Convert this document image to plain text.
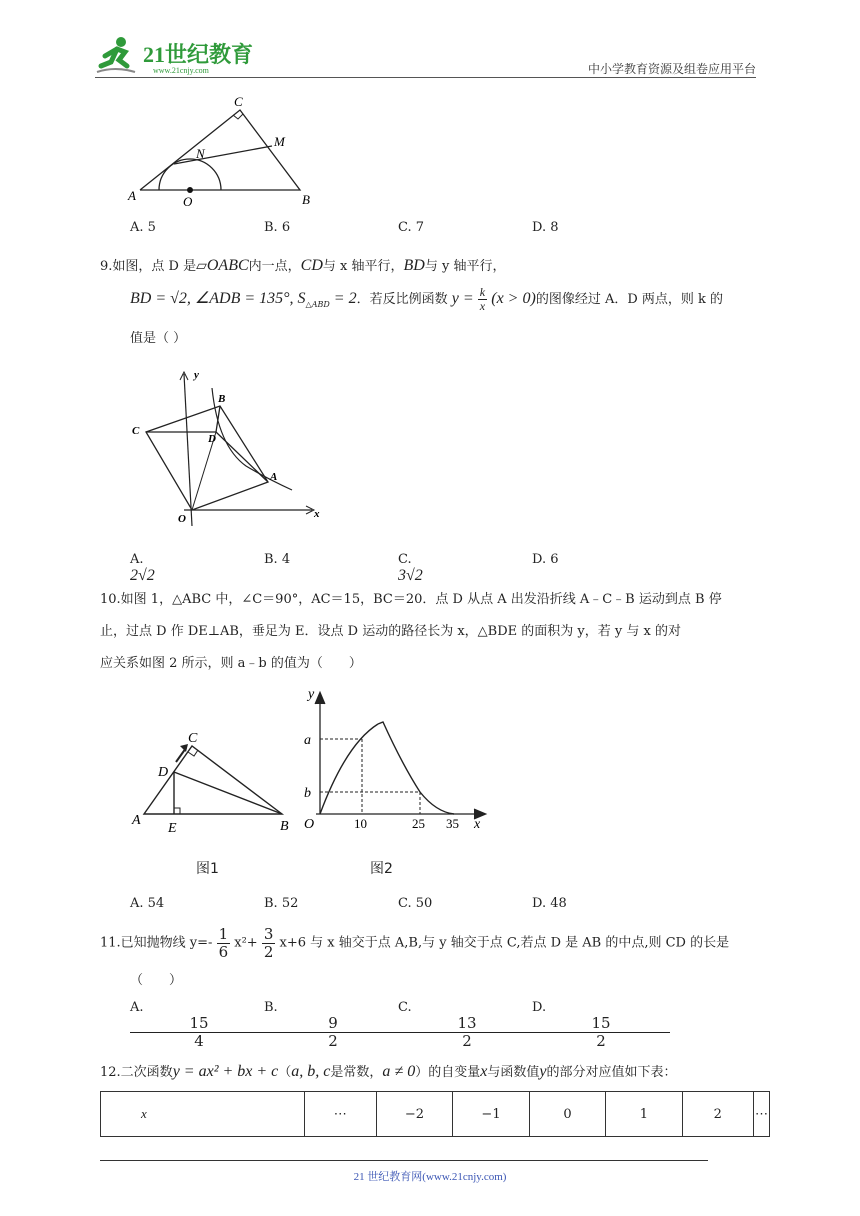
21世纪教育
www.21cnjy.com	中小学教育资源及组卷应用平台
C
M
N
A	O	B
A. 5	B. 6	C. 7	D. 8
9.如图，点 D 是▱OABC内一点，CD与 x 轴平行，BD与 y 轴平行，
BD = √2, ∠ADB = 135°, $S_{\triangle ABD} = 2$．若反比例函数 $y = \frac{k}{x} (x > 0)$的图像经过 A．D 两点，则 k 的
值是（ ）
y
x
B
C
D
A
O
A. 2√2
B. 4	C. 3√2
D. 6
10.如图 1，△ABC 中，∠C＝90°，AC＝15，BC＝20．点 D 从点 A 出发沿折线 A﹣C﹣B 运动到点 B 停
止，过点 D 作 DE⊥AB，垂足为 E．设点 D 运动的路径长为 x，△BDE 的面积为 y，若 y 与 x 的对
应关系如图 2 所示，则 a﹣b 的值为（　　）
C
D
A
E	B
y
a
b
O	10	25 35 x
图1	图2
A. 54	B. 52	C. 50	D. 48
11.已知抛物线 $y=- \frac{1}{6} x^2+ \frac{3}{2} x+6$ 与 x 轴交于点 A,B,与 y 轴交于点 C,若点 D 是 AB 的中点,则 CD 的长是
（　　）
A.
$\frac{15}{4}$
B.
$\frac{9}{2}$
C.
$\frac{13}{2}$
D.
$\frac{15}{2}$
12.二次函数y = ax² + bx + c（a, b, c是常数，a ≠ 0）的自变量x与函数值y的部分对应值如下表：
x	⋯	−2	−1	0	1	2	⋯
21 世纪教育网(www.21cnjy.com)
